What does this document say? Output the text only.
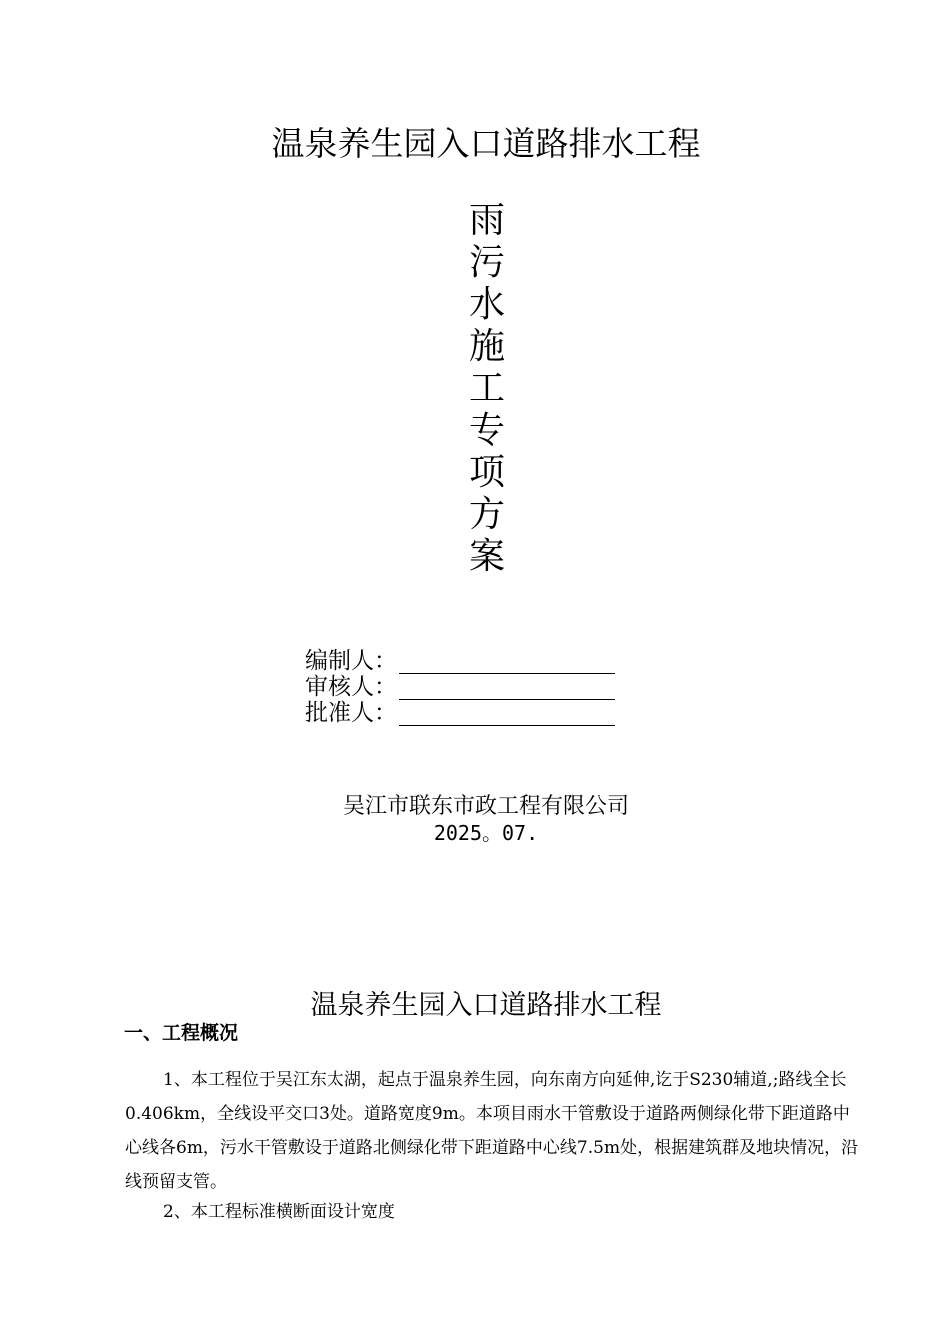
温泉养生园入口道路排水工程
雨
污
水
施
工
专
项
方
案
编制人：
审核人：
批准人：
吴江市联东市政工程有限公司
2025。07.
温泉养生园入口道路排水工程
一、工程概况
1、本工程位于吴江东太湖，起点于温泉养生园，向东南方向延伸,讫于S230辅道,;路线全长0.406km，全线设平交口3处。道路宽度9m。本项目雨水干管敷设于道路两侧绿化带下距道路中心线各6m，污水干管敷设于道路北侧绿化带下距道路中心线7.5m处，根据建筑群及地块情况，沿线预留支管。
2、本工程标准横断面设计宽度
